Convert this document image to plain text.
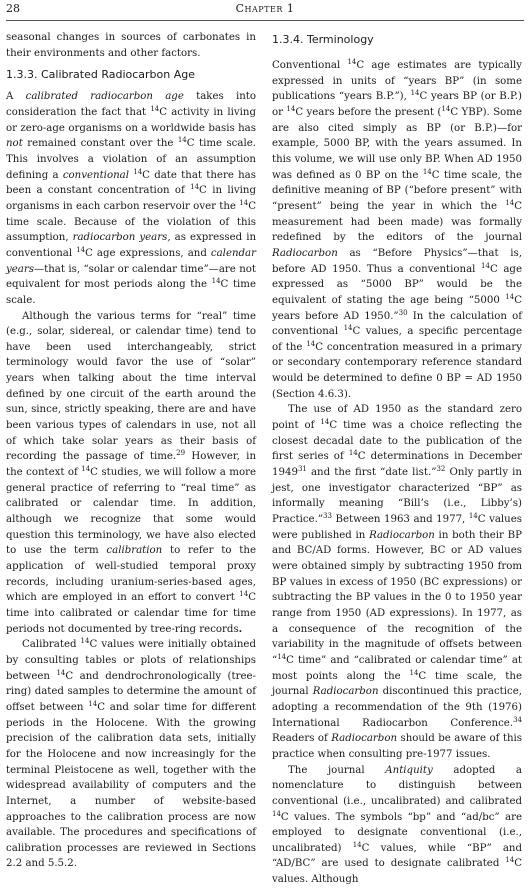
28	Chapter 1

seasonal changes in sources of carbonates in their environments and other factors.

1.3.3. Calibrated Radiocarbon Age

A calibrated radiocarbon age takes into consideration the fact that $^{14}$C activity in living or zero-age organisms on a worldwide basis has not remained constant over the $^{14}$C time scale. This involves a violation of an assumption defining a conventional $^{14}$C date that there has been a constant concentration of $^{14}$C in living organisms in each carbon reservoir over the $^{14}$C time scale. Because of the violation of this assumption, radiocarbon years, as expressed in conventional $^{14}$C age expressions, and calendar years—that is, “solar or calendar time”—are not equivalent for most periods along the $^{14}$C time scale.

Although the various terms for “real” time (e.g., solar, sidereal, or calendar time) tend to have been used interchangeably, strict terminology would favor the use of “solar” years when talking about the time interval defined by one circuit of the earth around the sun, since, strictly speaking, there are and have been various types of calendars in use, not all of which take solar years as their basis of recording the passage of time.$^{29}$ However, in the context of $^{14}$C studies, we will follow a more general practice of referring to “real time” as calibrated or calendar time. In addition, although we recognize that some would question this terminology, we have also elected to use the term calibration to refer to the application of well-studied temporal proxy records, including uranium-series-based ages, which are employed in an effort to convert $^{14}$C time into calibrated or calendar time for time periods not documented by tree-ring records.

Calibrated $^{14}$C values were initially obtained by consulting tables or plots of relationships between $^{14}$C and dendrochronologically (tree-ring) dated samples to determine the amount of offset between $^{14}$C and solar time for different periods in the Holocene. With the growing precision of the calibration data sets, initially for the Holocene and now increasingly for the terminal Pleistocene as well, together with the widespread availability of computers and the Internet, a number of website-based approaches to the calibration process are now available. The procedures and specifications of calibration processes are reviewed in Sections 2.2 and 5.5.2.

1.3.4. Terminology

Conventional $^{14}$C age estimates are typically expressed in units of “years BP” (in some publications “years B.P.”), $^{14}$C years BP (or B.P.) or $^{14}$C years before the present ($^{14}$C YBP). Some are also cited simply as BP (or B.P.)—for example, 5000 BP, with the years assumed. In this volume, we will use only BP. When AD 1950 was defined as 0 BP on the $^{14}$C time scale, the definitive meaning of BP (“before present” with “present” being the year in which the $^{14}$C measurement had been made) was formally redefined by the editors of the journal Radiocarbon as “Before Physics”—that is, before AD 1950. Thus a conventional $^{14}$C age expressed as “5000 BP” would be the equivalent of stating the age being “5000 $^{14}$C years before AD 1950.”$^{30}$ In the calculation of conventional $^{14}$C values, a specific percentage of the $^{14}$C concentration measured in a primary or secondary contemporary reference standard would be determined to define 0 BP = AD 1950 (Section 4.6.3).

The use of AD 1950 as the standard zero point of $^{14}$C time was a choice reflecting the closest decadal date to the publication of the first series of $^{14}$C determinations in December 1949$^{31}$ and the first “date list.”$^{32}$ Only partly in jest, one investigator characterized “BP” as informally meaning “Bill’s (i.e., Libby’s) Practice.”$^{33}$ Between 1963 and 1977, $^{14}$C values were published in Radiocarbon in both their BP and BC/AD forms. However, BC or AD values were obtained simply by subtracting 1950 from BP values in excess of 1950 (BC expressions) or subtracting the BP values in the 0 to 1950 year range from 1950 (AD expressions). In 1977, as a consequence of the recognition of the variability in the magnitude of offsets between “$^{14}$C time” and “calibrated or calendar time” at most points along the $^{14}$C time scale, the journal Radiocarbon discontinued this practice, adopting a recommendation of the 9th (1976) International Radiocarbon Conference.$^{34}$ Readers of Radiocarbon should be aware of this practice when consulting pre-1977 issues.

The journal Antiquity adopted a nomenclature to distinguish between conventional (i.e., uncalibrated) and calibrated $^{14}$C values. The symbols “bp” and “ad/bc” are employed to designate conventional (i.e., uncalibrated) $^{14}$C values, while “BP” and “AD/BC” are used to designate calibrated $^{14}$C values. Although
